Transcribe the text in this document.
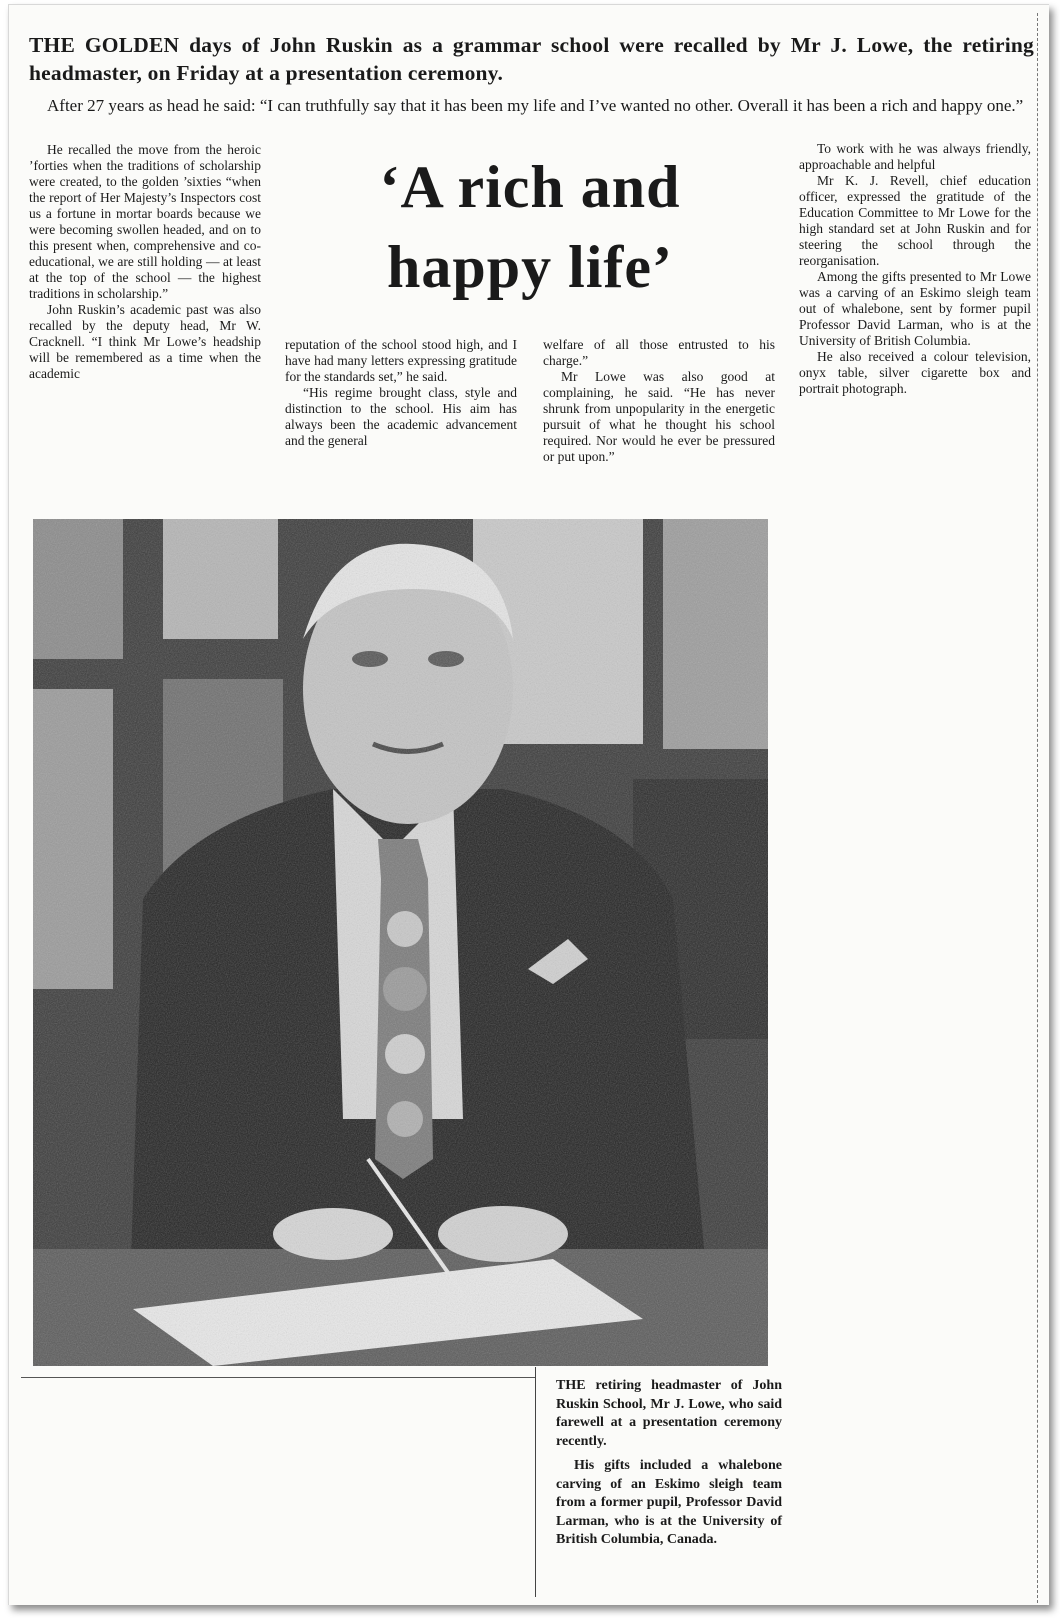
THE GOLDEN days of John Ruskin as a grammar school were recalled by Mr J. Lowe, the retiring headmaster, on Friday at a presentation ceremony.
After 27 years as head he said: “I can truthfully say that it has been my life and I’ve wanted no other. Overall it has been a rich and happy one.”

He recalled the move from the heroic ’forties when the traditions of scholarship were created, to the golden ’sixties “when the report of Her Majesty’s Inspectors cost us a fortune in mortar boards because we were becoming swollen headed, and on to this present when, comprehensive and co-educational, we are still holding — at least at the top of the school — the highest traditions in scholarship.”

John Ruskin’s academic past was also recalled by the deputy head, Mr W. Cracknell. “I think Mr Lowe’s headship will be remembered as a time when the academic

‘A rich and
happy life’

reputation of the school stood high, and I have had many letters expressing gratitude for the standards set,” he said.

“His regime brought class, style and distinction to the school. His aim has always been the academic advancement and the general

welfare of all those entrusted to his charge.”

Mr Lowe was also good at complaining, he said. “He has never shrunk from unpopularity in the energetic pursuit of what he thought his school required. Nor would he ever be pressured or put upon.”

To work with he was always friendly, approachable and helpful

Mr K. J. Revell, chief education officer, expressed the gratitude of the Education Committee to Mr Lowe for the high standard set at John Ruskin and for steering the school through the reorganisation.

Among the gifts presented to Mr Lowe was a carving of an Eskimo sleigh team out of whalebone, sent by former pupil Professor David Larman, who is at the University of British Columbia.

He also received a colour television, onyx table, silver cigarette box and portrait photograph.

THE retiring headmaster of John Ruskin School, Mr J. Lowe, who said farewell at a presentation ceremony recently.

His gifts included a whalebone carving of an Eskimo sleigh team from a former pupil, Professor David Larman, who is at the University of British Columbia, Canada.
